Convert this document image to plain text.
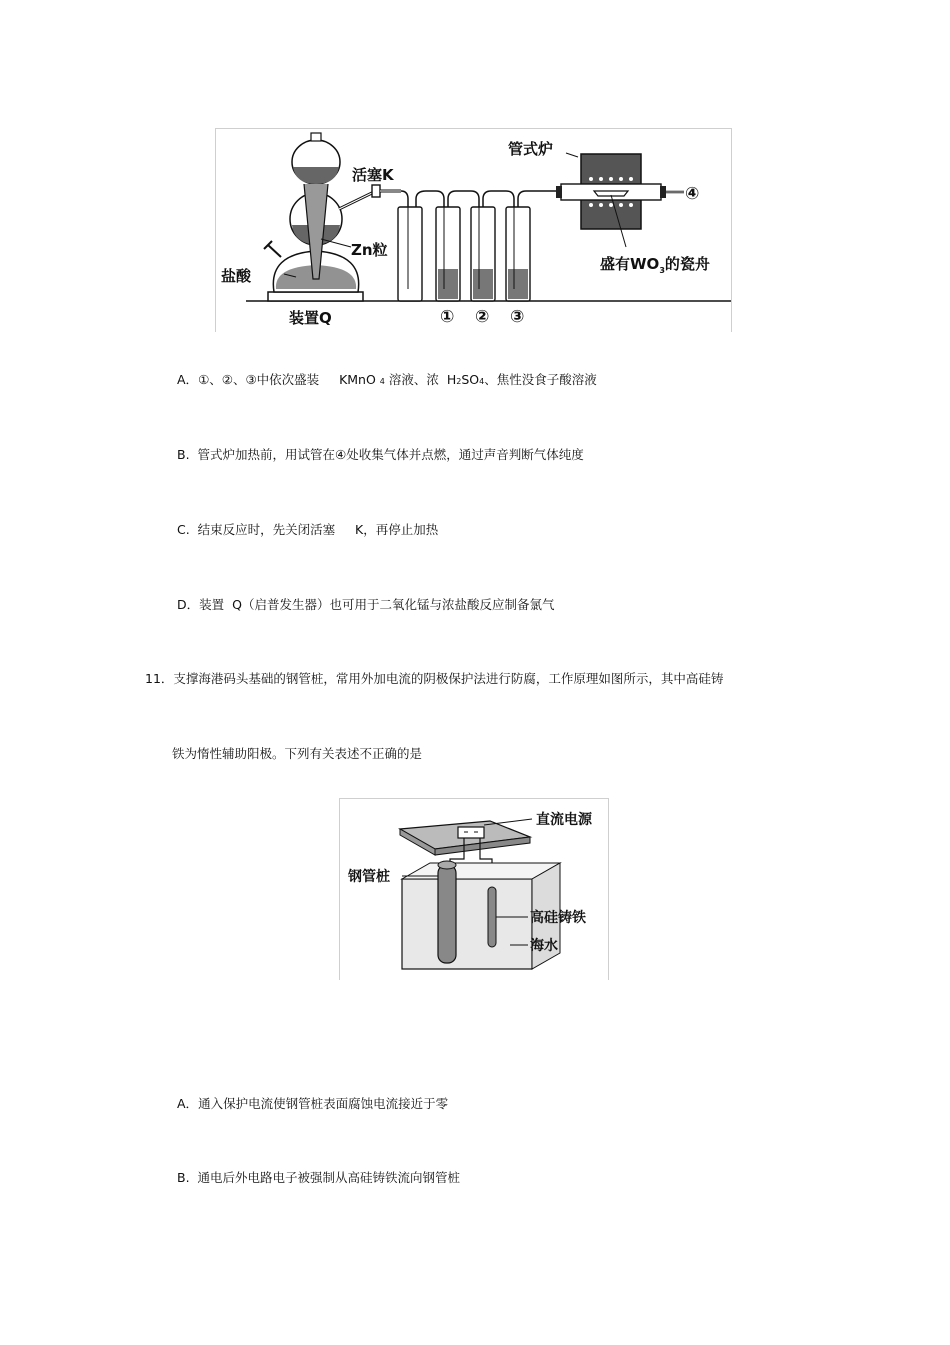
活塞K
管式炉
Zn粒
盐酸
装置Q
盛有$WO_3$的瓷舟
① ② ③
④
A．①、②、③中依次盛装 KMnO 4 溶液、浓 H2SO4、焦性没食子酸溶液
B. 管式炉加热前，用试管在④处收集气体并点燃，通过声音判断气体纯度
C. 结束反应时，先关闭活塞 K，再停止加热
D．装置 Q（启普发生器）也可用于二氧化锰与浓盐酸反应制备氯气
11．支撑海港码头基础的钢管桩，常用外加电流的阴极保护法进行防腐，工作原理如图所示，其中高硅铸
铁为惰性辅助阳极。下列有关表述不正确的是
直流电源
钢管桩
高硅铸铁
海水
A．通入保护电流使钢管桩表面腐蚀电流接近于零
B. 通电后外电路电子被强制从高硅铸铁流向钢管桩
